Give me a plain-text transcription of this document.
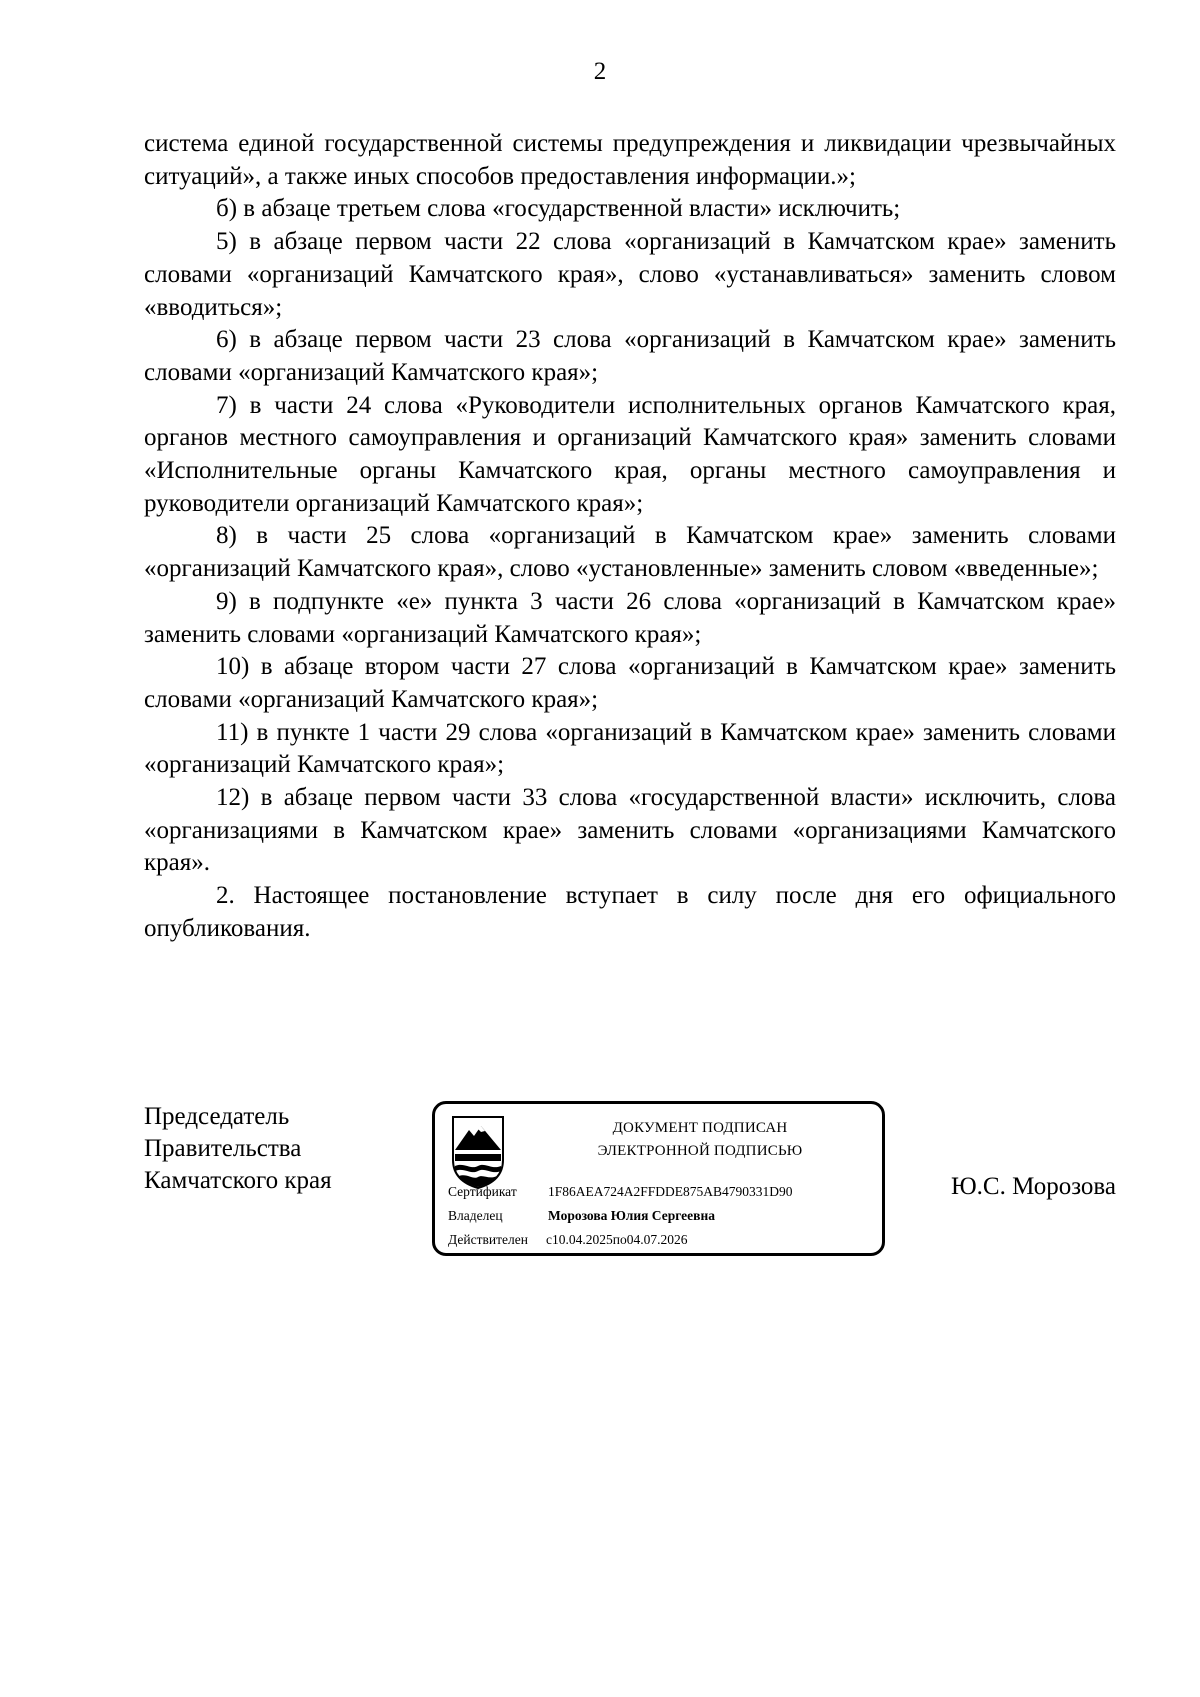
2

система единой государственной системы предупреждения и ликвидации чрезвычайных ситуаций», а также иных способов предоставления информации.»;

б) в абзаце третьем слова «государственной власти» исключить;

5) в абзаце первом части 22 слова «организаций в Камчатском крае» заменить словами «организаций Камчатского края», слово «устанавливаться» заменить словом «вводиться»;

6) в абзаце первом части 23 слова «организаций в Камчатском крае» заменить словами «организаций Камчатского края»;

7) в части 24 слова «Руководители исполнительных органов Камчатского края, органов местного самоуправления и организаций Камчатского края» заменить словами «Исполнительные органы Камчатского края, органы местного самоуправления и руководители организаций Камчатского края»;

8) в части 25 слова «организаций в Камчатском крае» заменить словами «организаций Камчатского края», слово «установленные» заменить словом «введенные»;

9) в подпункте «е» пункта 3 части 26 слова «организаций в Камчатском крае» заменить словами «организаций Камчатского края»;

10) в абзаце втором части 27 слова «организаций в Камчатском крае» заменить словами «организаций Камчатского края»;

11) в пункте 1 части 29 слова «организаций в Камчатском крае» заменить словами «организаций Камчатского края»;

12) в абзаце первом части 33 слова «государственной власти» исключить, слова «организациями в Камчатском крае» заменить словами «организациями Камчатского края».

2. Настоящее постановление вступает в силу после дня его официального опубликования.

Председатель
Правительства
Камчатского края
ДОКУМЕНТ ПОДПИСАН
ЭЛЕКТРОННОЙ ПОДПИСЬЮ
Сертификат 1F86AEA724A2FFDDE875AB4790331D90
Владелец	Морозова Юлия Сергеевна
Действителен с10.04.2025по04.07.2026
Ю.С. Морозова
